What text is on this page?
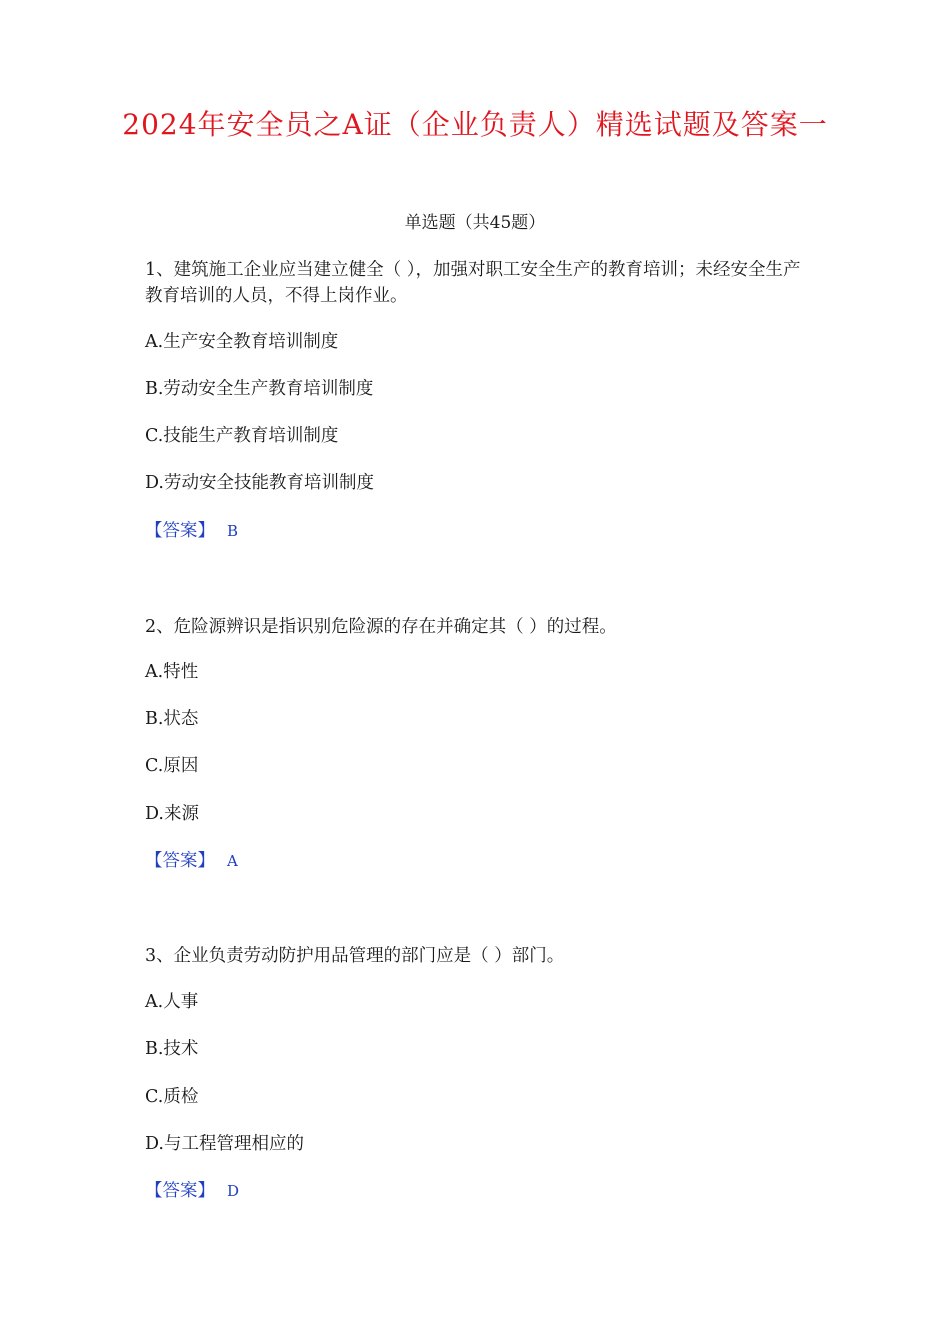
2024年安全员之A证（企业负责人）精选试题及答案一
单选题（共45题）

1、建筑施工企业应当建立健全（ ），加强对职工安全生产的教育培训；未经安全生产教育培训的人员，不得上岗作业。

A.生产安全教育培训制度

B.劳动安全生产教育培训制度

C.技能生产教育培训制度

D.劳动安全技能教育培训制度

【答案】 B

2、危险源辨识是指识别危险源的存在并确定其（ ）的过程。

A.特性

B.状态

C.原因

D.来源

【答案】 A

3、企业负责劳动防护用品管理的部门应是（ ）部门。

A.人事

B.技术

C.质检

D.与工程管理相应的

【答案】 D
